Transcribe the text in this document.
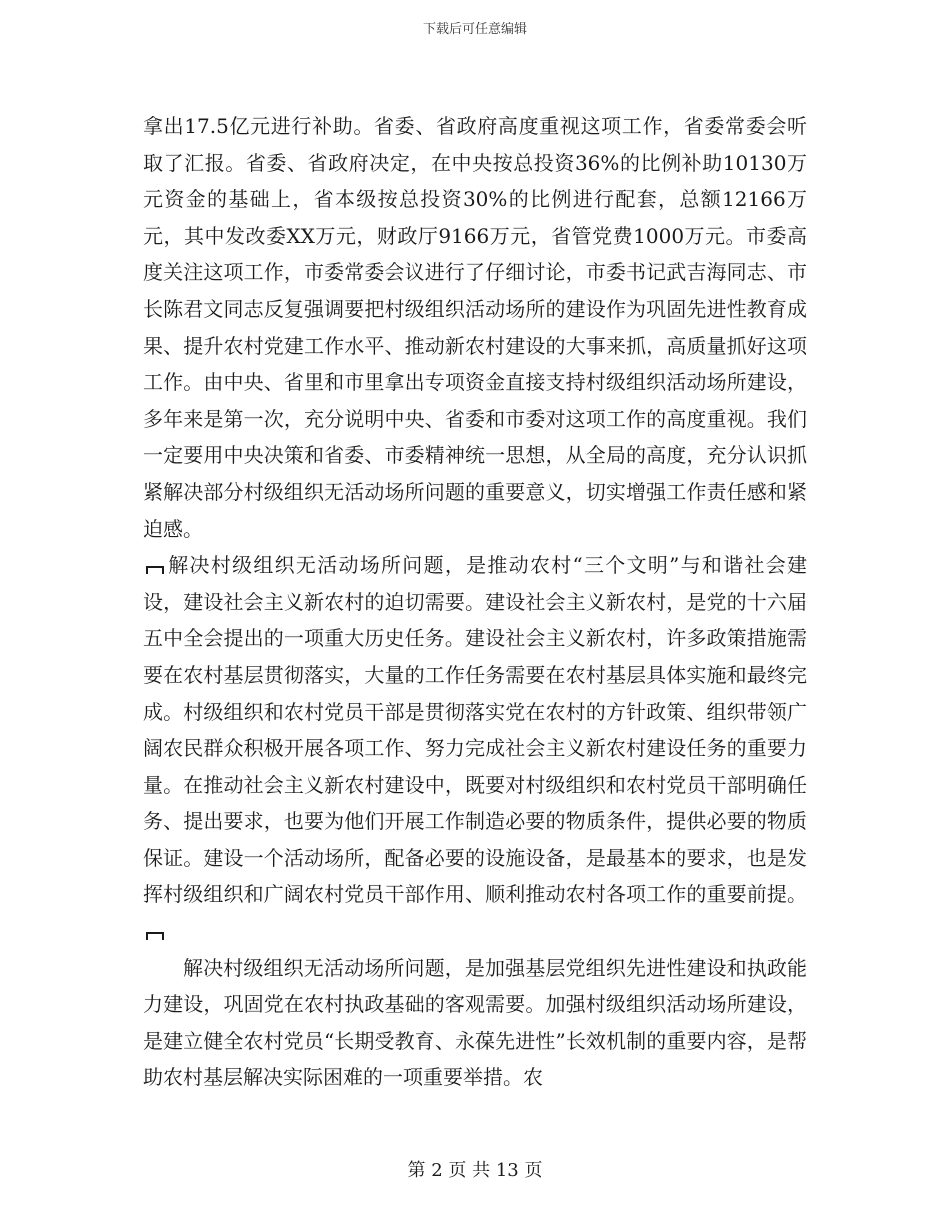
下载后可任意编辑

拿出17.5亿元进行补助。省委、省政府高度重视这项工作，省委常委会听取了汇报。省委、省政府决定，在中央按总投资36%的比例补助10130万元资金的基础上，省本级按总投资30%的比例进行配套，总额12166万元，其中发改委XX万元，财政厅9166万元，省管党费1000万元。市委高度关注这项工作，市委常委会议进行了仔细讨论，市委书记武吉海同志、市长陈君文同志反复强调要把村级组织活动场所的建设作为巩固先进性教育成果、提升农村党建工作水平、推动新农村建设的大事来抓，高质量抓好这项工作。由中央、省里和市里拿出专项资金直接支持村级组织活动场所建设，多年来是第一次，充分说明中央、省委和市委对这项工作的高度重视。我们一定要用中央决策和省委、市委精神统一思想，从全局的高度，充分认识抓紧解决部分村级组织无活动场所问题的重要意义，切实增强工作责任感和紧迫感。

解决村级组织无活动场所问题，是推动农村“三个文明”与和谐社会建设，建设社会主义新农村的迫切需要。建设社会主义新农村，是党的十六届五中全会提出的一项重大历史任务。建设社会主义新农村，许多政策措施需要在农村基层贯彻落实，大量的工作任务需要在农村基层具体实施和最终完成。村级组织和农村党员干部是贯彻落实党在农村的方针政策、组织带领广阔农民群众积极开展各项工作、努力完成社会主义新农村建设任务的重要力量。在推动社会主义新农村建设中，既要对村级组织和农村党员干部明确任务、提出要求，也要为他们开展工作制造必要的物质条件，提供必要的物质保证。建设一个活动场所，配备必要的设施设备，是最基本的要求，也是发挥村级组织和广阔农村党员干部作用、顺利推动农村各项工作的重要前提。

解决村级组织无活动场所问题，是加强基层党组织先进性建设和执政能力建设，巩固党在农村执政基础的客观需要。加强村级组织活动场所建设，是建立健全农村党员“长期受教育、永葆先进性”长效机制的重要内容，是帮助农村基层解决实际困难的一项重要举措。农

第 2 页 共 13 页
